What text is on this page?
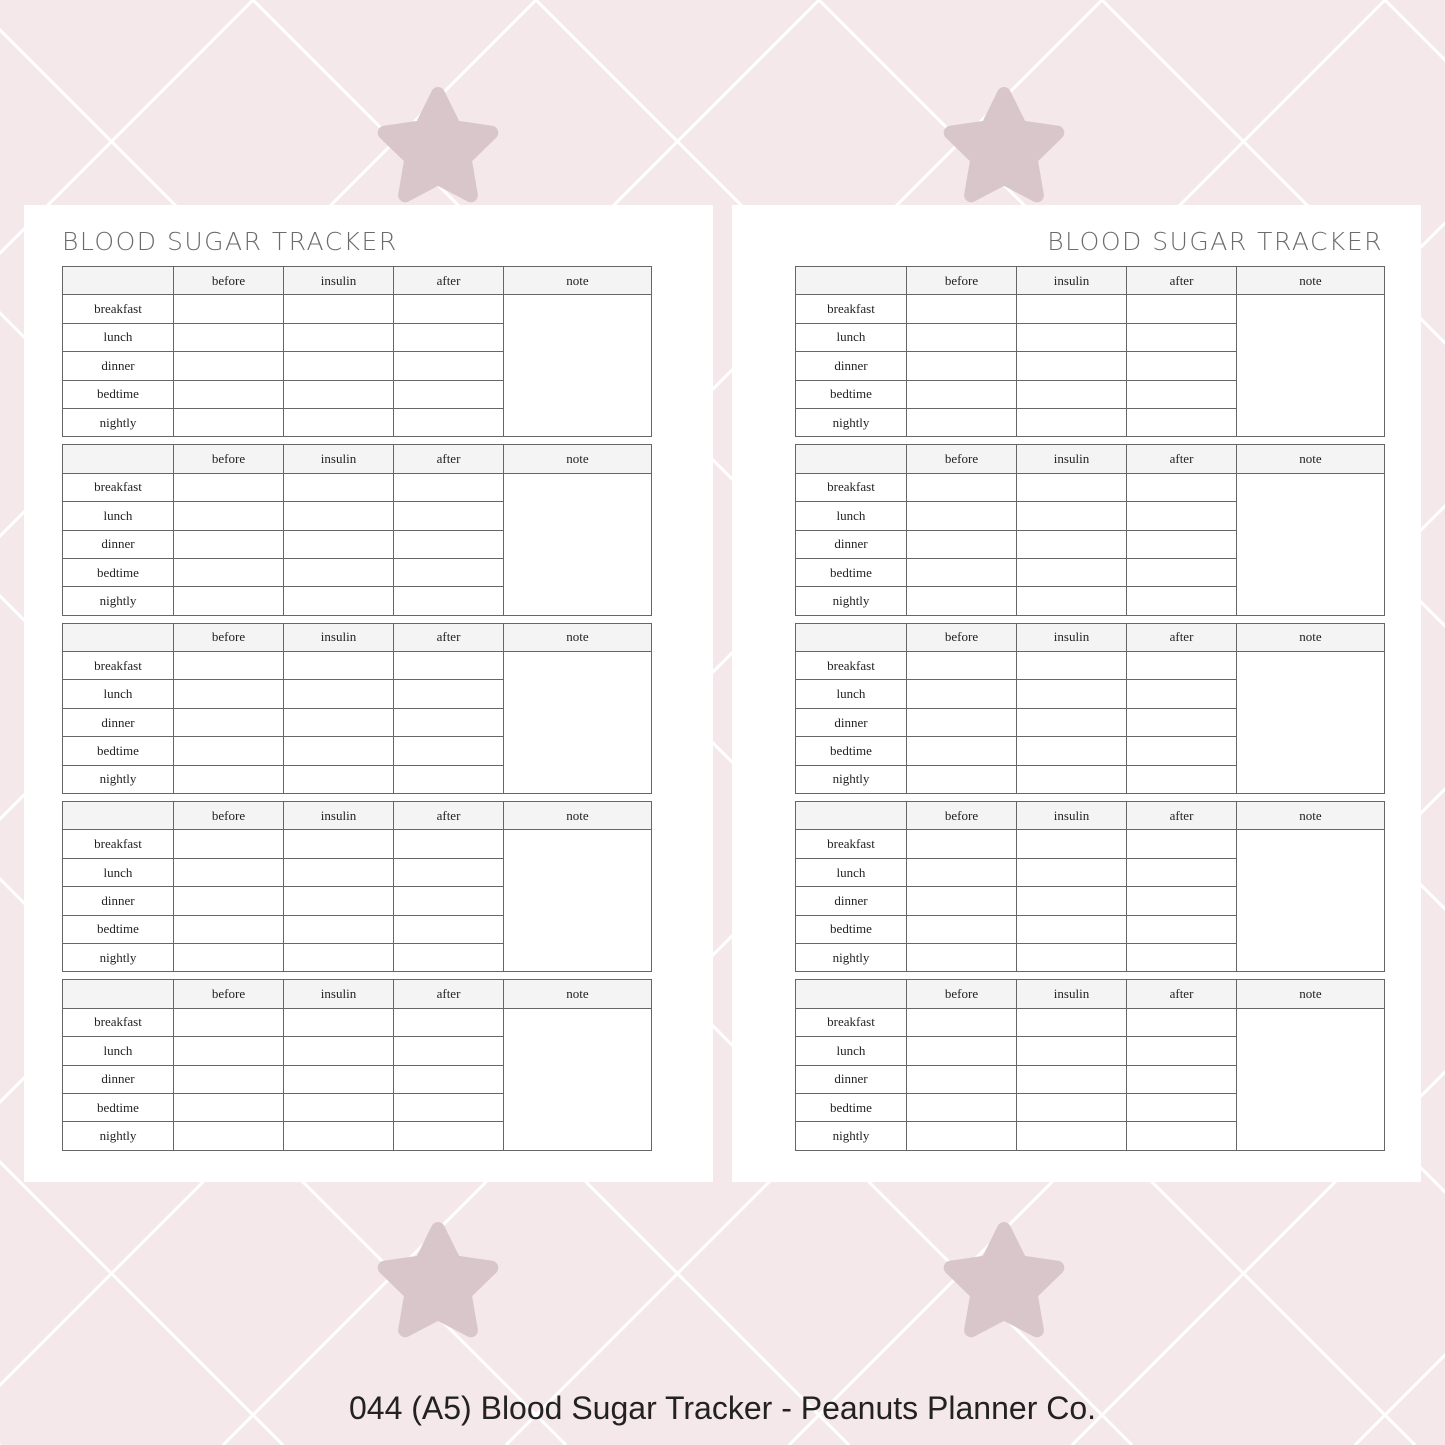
BLOOD SUGAR TRACKER
	before	insulin	after	note
breakfast				
lunch				
dinner				
bedtime				
nightly				
	before	insulin	after	note
breakfast				
lunch				
dinner				
bedtime				
nightly				
	before	insulin	after	note
breakfast				
lunch				
dinner				
bedtime				
nightly				
	before	insulin	after	note
breakfast				
lunch				
dinner				
bedtime				
nightly				
	before	insulin	after	note
breakfast				
lunch				
dinner				
bedtime				
nightly				
BLOOD SUGAR TRACKER
	before	insulin	after	note
breakfast				
lunch				
dinner				
bedtime				
nightly				
	before	insulin	after	note
breakfast				
lunch				
dinner				
bedtime				
nightly				
	before	insulin	after	note
breakfast				
lunch				
dinner				
bedtime				
nightly				
	before	insulin	after	note
breakfast				
lunch				
dinner				
bedtime				
nightly				
	before	insulin	after	note
breakfast				
lunch				
dinner				
bedtime				
nightly				
044 (A5) Blood Sugar Tracker - Peanuts Planner Co.
